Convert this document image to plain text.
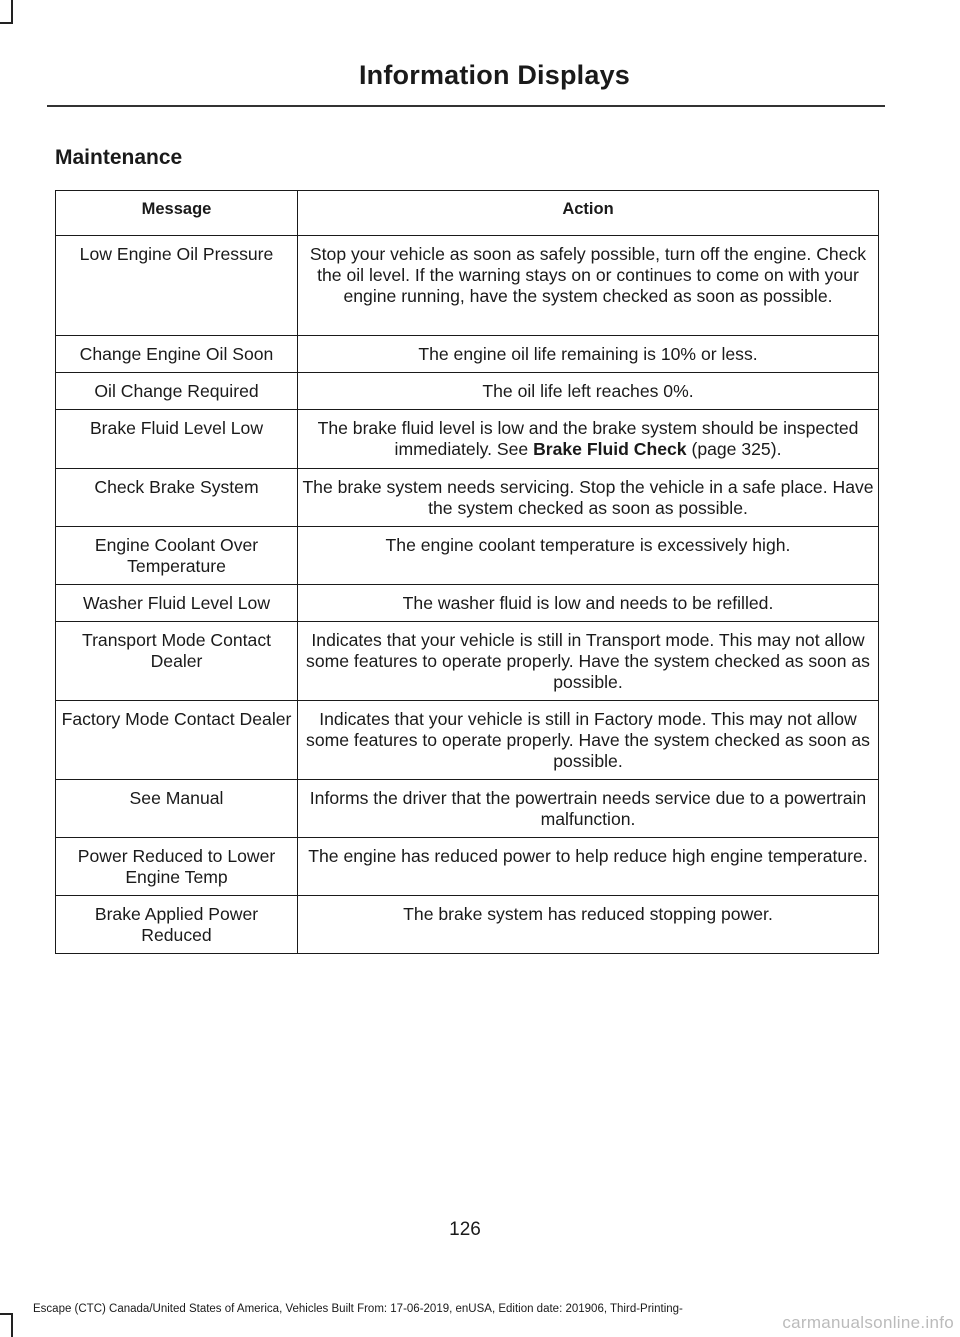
Information Displays
Maintenance
Message	Action
Low Engine Oil Pressure	Stop your vehicle as soon as safely possible, turn off the engine. Check the oil level. If the warning stays on or continues to come on with your engine running, have the system checked as soon as possible.
Change Engine Oil Soon	The engine oil life remaining is 10% or less.
Oil Change Required	The oil life left reaches 0%.
Brake Fluid Level Low	The brake fluid level is low and the brake system should be inspected immediately. See Brake Fluid Check (page 325).
Check Brake System	The brake system needs servicing. Stop the vehicle in a safe place. Have the system checked as soon as possible.
Engine Coolant Over Temperature	The engine coolant temperature is excessively high.
Washer Fluid Level Low	The washer fluid is low and needs to be refilled.
Transport Mode Contact Dealer	Indicates that your vehicle is still in Transport mode. This may not allow some features to operate properly. Have the system checked as soon as possible.
Factory Mode Contact Dealer	Indicates that your vehicle is still in Factory mode. This may not allow some features to operate properly. Have the system checked as soon as possible.
See Manual	Informs the driver that the powertrain needs service due to a powertrain malfunction.
Power Reduced to Lower Engine Temp	The engine has reduced power to help reduce high engine temperature.
Brake Applied Power Reduced	The brake system has reduced stopping power.
126
Escape (CTC) Canada/United States of America, Vehicles Built From: 17-06-2019, enUSA, Edition date: 201906, Third-Printing-
carmanualsonline.info
